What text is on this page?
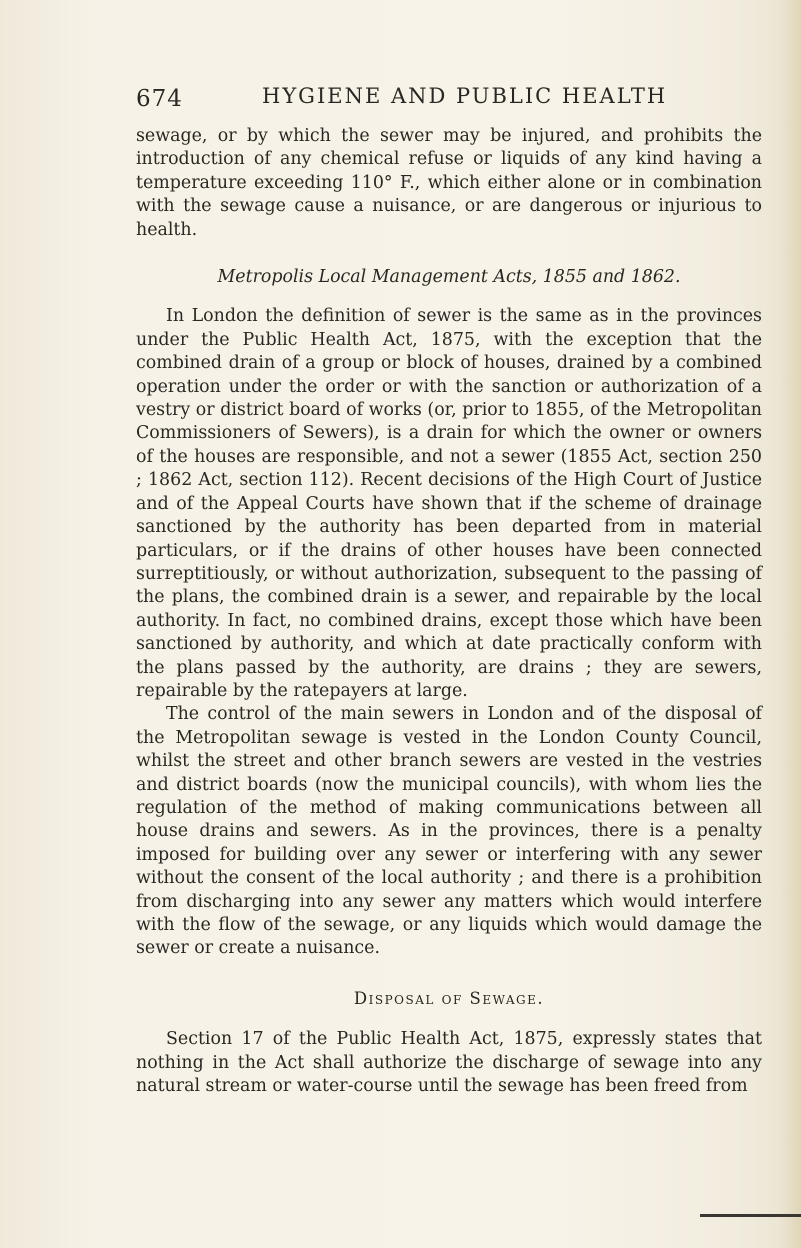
674	HYGIENE AND PUBLIC HEALTH

sewage, or by which the sewer may be injured, and prohibits the introduction of any chemical refuse or liquids of any kind having a temperature exceeding 110° F., which either alone or in combination with the sewage cause a nuisance, or are dangerous or injurious to health.

Metropolis Local Management Acts, 1855 and 1862.

In London the definition of sewer is the same as in the provinces under the Public Health Act, 1875, with the exception that the combined drain of a group or block of houses, drained by a combined operation under the order or with the sanction or authorization of a vestry or district board of works (or, prior to 1855, of the Metropolitan Commissioners of Sewers), is a drain for which the owner or owners of the houses are responsible, and not a sewer (1855 Act, section 250 ; 1862 Act, section 112). Recent decisions of the High Court of Justice and of the Appeal Courts have shown that if the scheme of drainage sanctioned by the authority has been departed from in material particulars, or if the drains of other houses have been connected surreptitiously, or without authorization, subsequent to the passing of the plans, the combined drain is a sewer, and repairable by the local authority. In fact, no combined drains, except those which have been sanctioned by authority, and which at date practically conform with the plans passed by the authority, are drains ; they are sewers, repairable by the ratepayers at large.

The control of the main sewers in London and of the disposal of the Metropolitan sewage is vested in the London County Council, whilst the street and other branch sewers are vested in the vestries and district boards (now the municipal councils), with whom lies the regulation of the method of making communications between all house drains and sewers. As in the provinces, there is a penalty imposed for building over any sewer or interfering with any sewer without the consent of the local authority ; and there is a prohibition from discharging into any sewer any matters which would interfere with the flow of the sewage, or any liquids which would damage the sewer or create a nuisance.

Disposal of Sewage.

Section 17 of the Public Health Act, 1875, expressly states that nothing in the Act shall authorize the discharge of sewage into any natural stream or water-course until the sewage has been freed from
